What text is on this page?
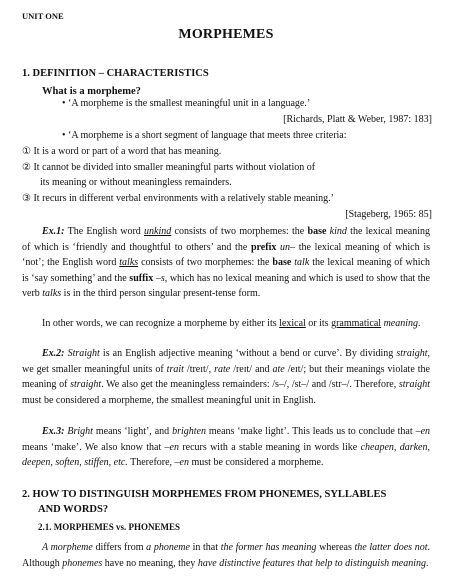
UNIT ONE
MORPHEMES
1. DEFINITION – CHARACTERISTICS
What is a morpheme?
• ‘A morpheme is the smallest meaningful unit in a language.’
[Richards, Platt & Weber, 1987: 183]
• ‘A morpheme is a short segment of language that meets three criteria:
① It is a word or part of a word that has meaning.
② It cannot be divided into smaller meaningful parts without violation of
its meaning or without meaningless remainders.
③ It recurs in different verbal environments with a relatively stable meaning.’
[Stageberg, 1965: 85]

Ex.1: The English word unkind consists of two morphemes: the base kind the lexical meaning of which is ‘friendly and thoughtful to others’ and the prefix un– the lexical meaning of which is ‘not’; the English word talks consists of two morphemes: the base talk the lexical meaning of which is ‘say something’ and the suffix –s, which has no lexical meaning and which is used to show that the verb talks is in the third person singular present-tense form.

In other words, we can recognize a morpheme by either its lexical or its grammatical meaning.

Ex.2: Straight is an English adjective meaning ‘without a bend or curve’. By dividing straight, we get smaller meaningful units of trait /treɪt/, rate /reɪt/ and ate /eɪt/; but their meanings violate the meaning of straight. We also get the meaningless remainders: /s–/, /st–/ and /str–/. Therefore, straight must be considered a morpheme, the smallest meaningful unit in English.

Ex.3: Bright means ‘light’, and brighten means ‘make light’. This leads us to conclude that –en means ‘make’. We also know that –en recurs with a stable meaning in words like cheapen, darken, deepen, soften, stiffen, etc. Therefore, –en must be considered a morpheme.

2. HOW TO DISTINGUISH MORPHEMES FROM PHONEMES, SYLLABLES
AND WORDS?
2.1. MORPHEMES vs. PHONEMES

A morpheme differs from a phoneme in that the former has meaning whereas the latter does not. Although phonemes have no meaning, they have distinctive features that help to distinguish meaning.
